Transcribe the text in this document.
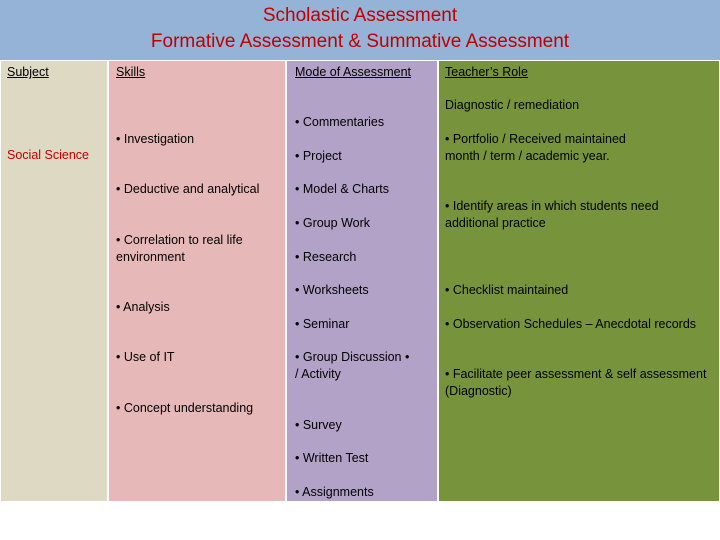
Scholastic Assessment
Formative Assessment & Summative Assessment
Subject
Social Science
Skills
• Investigation
• Deductive and analytical
• Correlation to real life environment
• Analysis
• Use of IT
• Concept understanding
Mode of Assessment
• Commentaries
• Project
• Model & Charts
• Group Work
• Research
• Worksheets
• Seminar
• Group Discussion • / Activity
• Survey
• Written Test
• Assignments
Teacher’s Role
Diagnostic / remediation
• Portfolio / Received maintained month / term / academic year.
• Identify areas in which students need additional practice
• Checklist maintained
• Observation Schedules – Anecdotal records
• Facilitate peer assessment & self assessment (Diagnostic)
